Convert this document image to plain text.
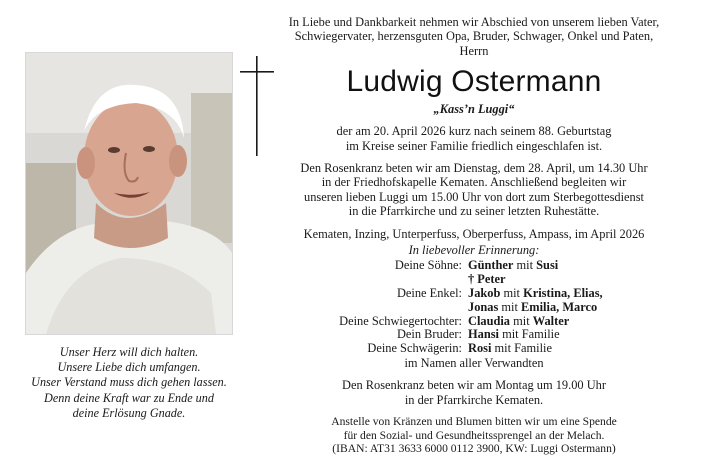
Unser Herz will dich halten.
Unsere Liebe dich umfangen.
Unser Verstand muss dich gehen lassen.
Denn deine Kraft war zu Ende und
deine Erlösung Gnade.
In Liebe und Dankbarkeit nehmen wir Abschied von unserem lieben Vater,
Schwiegervater, herzensguten Opa, Bruder, Schwager, Onkel und Paten,
Herrn
Ludwig Ostermann
„Kass’n Luggi“
der am 20. April 2026 kurz nach seinem 88. Geburtstag
im Kreise seiner Familie friedlich eingeschlafen ist.
Den Rosenkranz beten wir am Dienstag, dem 28. April, um 14.30 Uhr
in der Friedhofskapelle Kematen. Anschließend begleiten wir
unseren lieben Luggi um 15.00 Uhr von dort zum Sterbegottesdienst
in die Pfarrkirche und zu seiner letzten Ruhestätte.
Kematen, Inzing, Unterperfuss, Oberperfuss, Ampass, im April 2026
In liebevoller Erinnerung:
Deine Söhne: Günther mit Susi
† Peter
Deine Enkel: Jakob mit Kristina, Elias,
Jonas mit Emilia, Marco
Deine Schwiegertochter: Claudia mit Walter
Dein Bruder: Hansi mit Familie
Deine Schwägerin: Rosi mit Familie
im Namen aller Verwandten
Den Rosenkranz beten wir am Montag um 19.00 Uhr
in der Pfarrkirche Kematen.
Anstelle von Kränzen und Blumen bitten wir um eine Spende
für den Sozial- und Gesundheitssprengel an der Melach.
(IBAN: AT31 3633 6000 0112 3900, KW: Luggi Ostermann)
